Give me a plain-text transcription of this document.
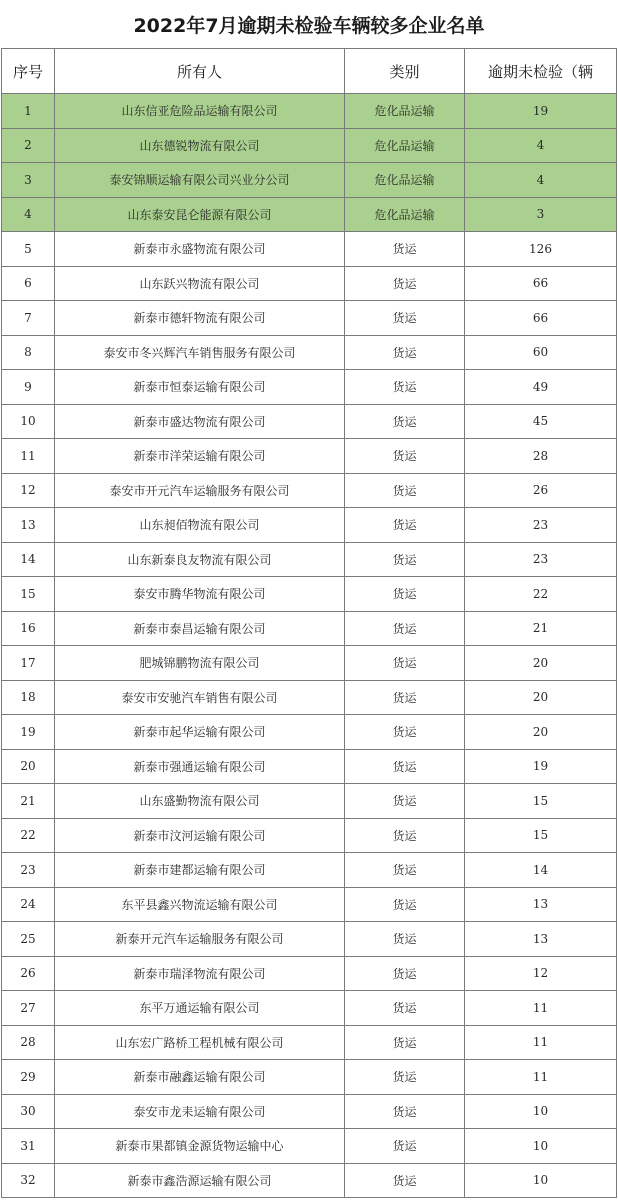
2022年7月逾期未检验车辆较多企业名单
序号	所有人	类别	逾期未检验（辆
1	山东信亚危险品运输有限公司	危化品运输	19
2	山东德锐物流有限公司	危化品运输	4
3	泰安锦顺运输有限公司兴业分公司	危化品运输	4
4	山东泰安昆仑能源有限公司	危化品运输	3
5	新泰市永盛物流有限公司	货运	126
6	山东跃兴物流有限公司	货运	66
7	新泰市德轩物流有限公司	货运	66
8	泰安市冬兴辉汽车销售服务有限公司	货运	60
9	新泰市恒泰运输有限公司	货运	49
10	新泰市盛达物流有限公司	货运	45
11	新泰市洋荣运输有限公司	货运	28
12	泰安市开元汽车运输服务有限公司	货运	26
13	山东昶佰物流有限公司	货运	23
14	山东新泰良友物流有限公司	货运	23
15	泰安市腾华物流有限公司	货运	22
16	新泰市泰昌运输有限公司	货运	21
17	肥城锦鹏物流有限公司	货运	20
18	泰安市安驰汽车销售有限公司	货运	20
19	新泰市起华运输有限公司	货运	20
20	新泰市强通运输有限公司	货运	19
21	山东盛勤物流有限公司	货运	15
22	新泰市汶河运输有限公司	货运	15
23	新泰市建都运输有限公司	货运	14
24	东平县鑫兴物流运输有限公司	货运	13
25	新泰开元汽车运输服务有限公司	货运	13
26	新泰市瑞泽物流有限公司	货运	12
27	东平万通运输有限公司	货运	11
28	山东宏广路桥工程机械有限公司	货运	11
29	新泰市融鑫运输有限公司	货运	11
30	泰安市龙耒运输有限公司	货运	10
31	新泰市果都镇金源货物运输中心	货运	10
32	新泰市鑫浩源运输有限公司	货运	10
